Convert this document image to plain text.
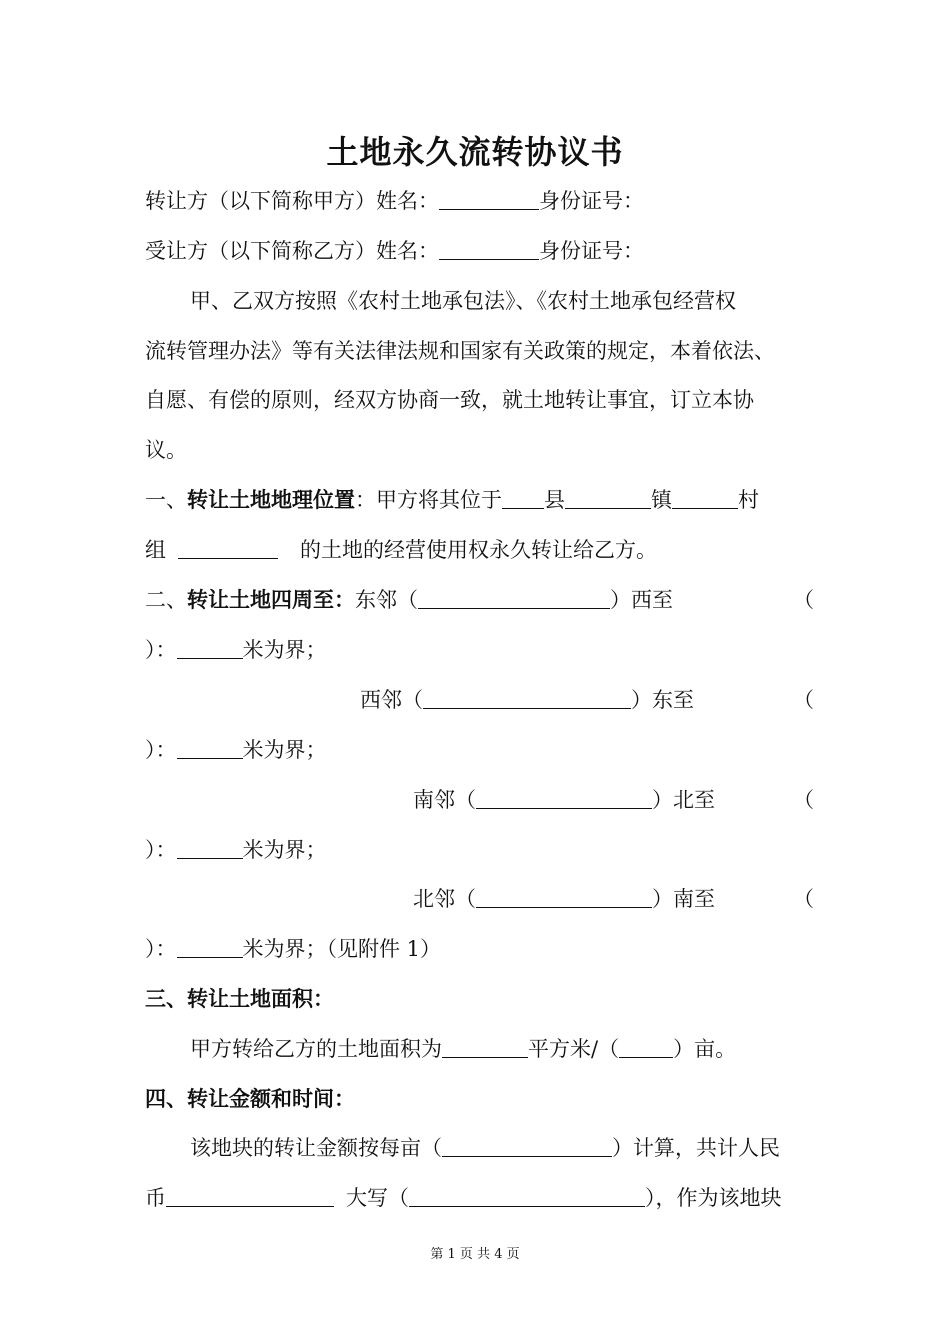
土地永久流转协议书
转让方（以下简称甲方）姓名：	身份证号：
受让方（以下简称乙方）姓名：	身份证号：
甲、乙双方按照《农村土地承包法》、《农村土地承包经营权
流转管理办法》等有关法律法规和国家有关政策的规定，本着依法、
自愿、有偿的原则，经双方协商一致，就土地转让事宜，订立本协
议。
一、转让土地地理位置：甲方将其位于 县	镇	村
组	的土地的经营使用权永久转让给乙方。
二、转让土地四周至：东邻（	）西至	（
）：	米为界；
西邻（	）东至	（
）：	米为界；
南邻（	）北至	（
）：	米为界；
北邻（	）南至	（
）：	米为界；（见附件 1）
三、转让土地面积：
甲方转给乙方的土地面积为	平方米/（	）亩。
四、转让金额和时间：
该地块的转让金额按每亩（	）计算，共计人民
币	大写（	），作为该地块
第 1 页 共 4 页
